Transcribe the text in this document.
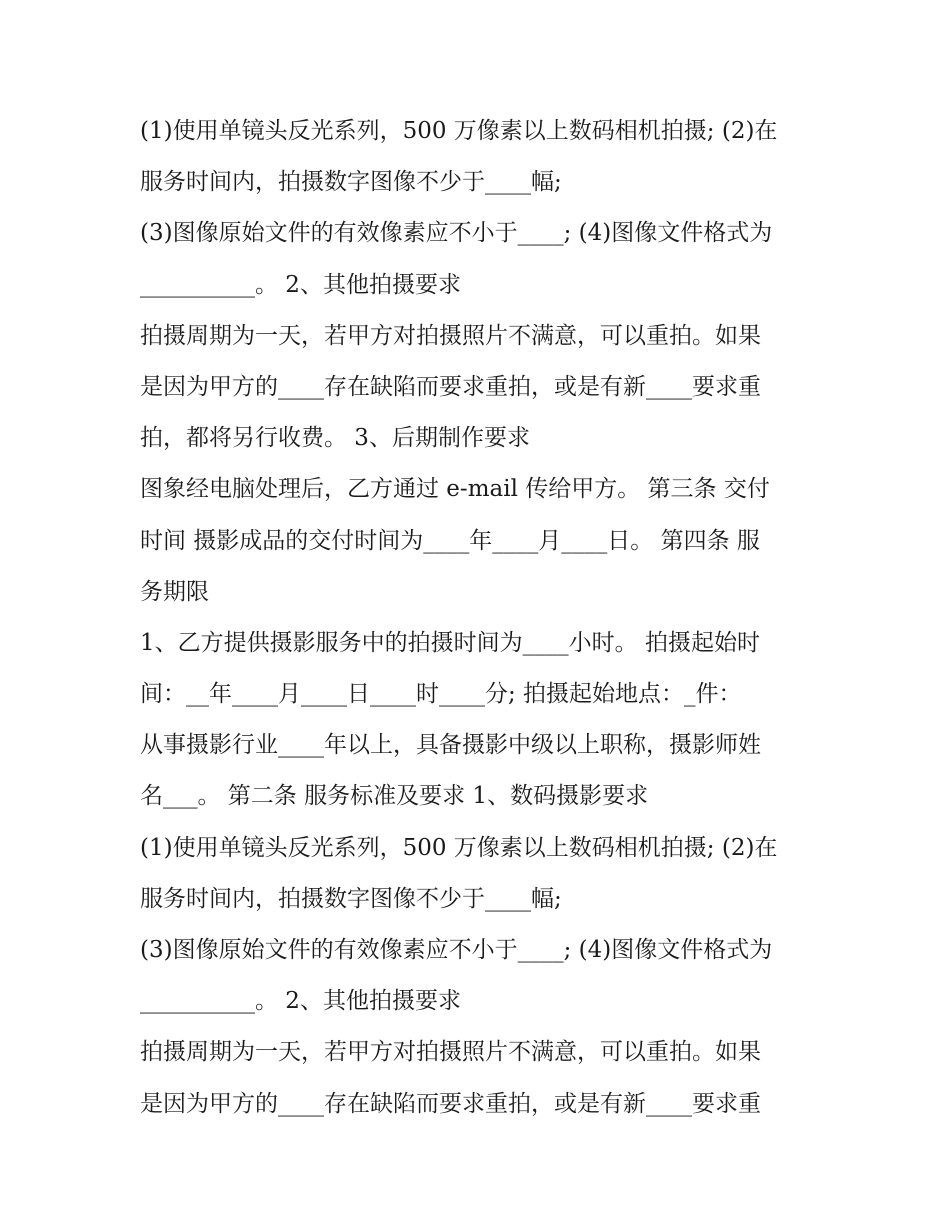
(1)使用单镜头反光系列，500 万像素以上数码相机拍摄; (2)在
服务时间内，拍摄数字图像不少于____幅;
(3)图像原始文件的有效像素应不小于____; (4)图像文件格式为
__________。 2、其他拍摄要求
拍摄周期为一天，若甲方对拍摄照片不满意，可以重拍。如果
是因为甲方的____存在缺陷而要求重拍，或是有新____要求重
拍，都将另行收费。 3、后期制作要求
图象经电脑处理后，乙方通过 e-mail 传给甲方。 第三条 交付
时间 摄影成品的交付时间为____年____月____日。 第四条 服
务期限
1、乙方提供摄影服务中的拍摄时间为____小时。 拍摄起始时
间：__年____月____日____时____分; 拍摄起始地点：_件：
从事摄影行业____年以上，具备摄影中级以上职称，摄影师姓
名___。 第二条 服务标准及要求 1、数码摄影要求
(1)使用单镜头反光系列，500 万像素以上数码相机拍摄; (2)在
服务时间内，拍摄数字图像不少于____幅;
(3)图像原始文件的有效像素应不小于____; (4)图像文件格式为
__________。 2、其他拍摄要求
拍摄周期为一天，若甲方对拍摄照片不满意，可以重拍。如果
是因为甲方的____存在缺陷而要求重拍，或是有新____要求重
